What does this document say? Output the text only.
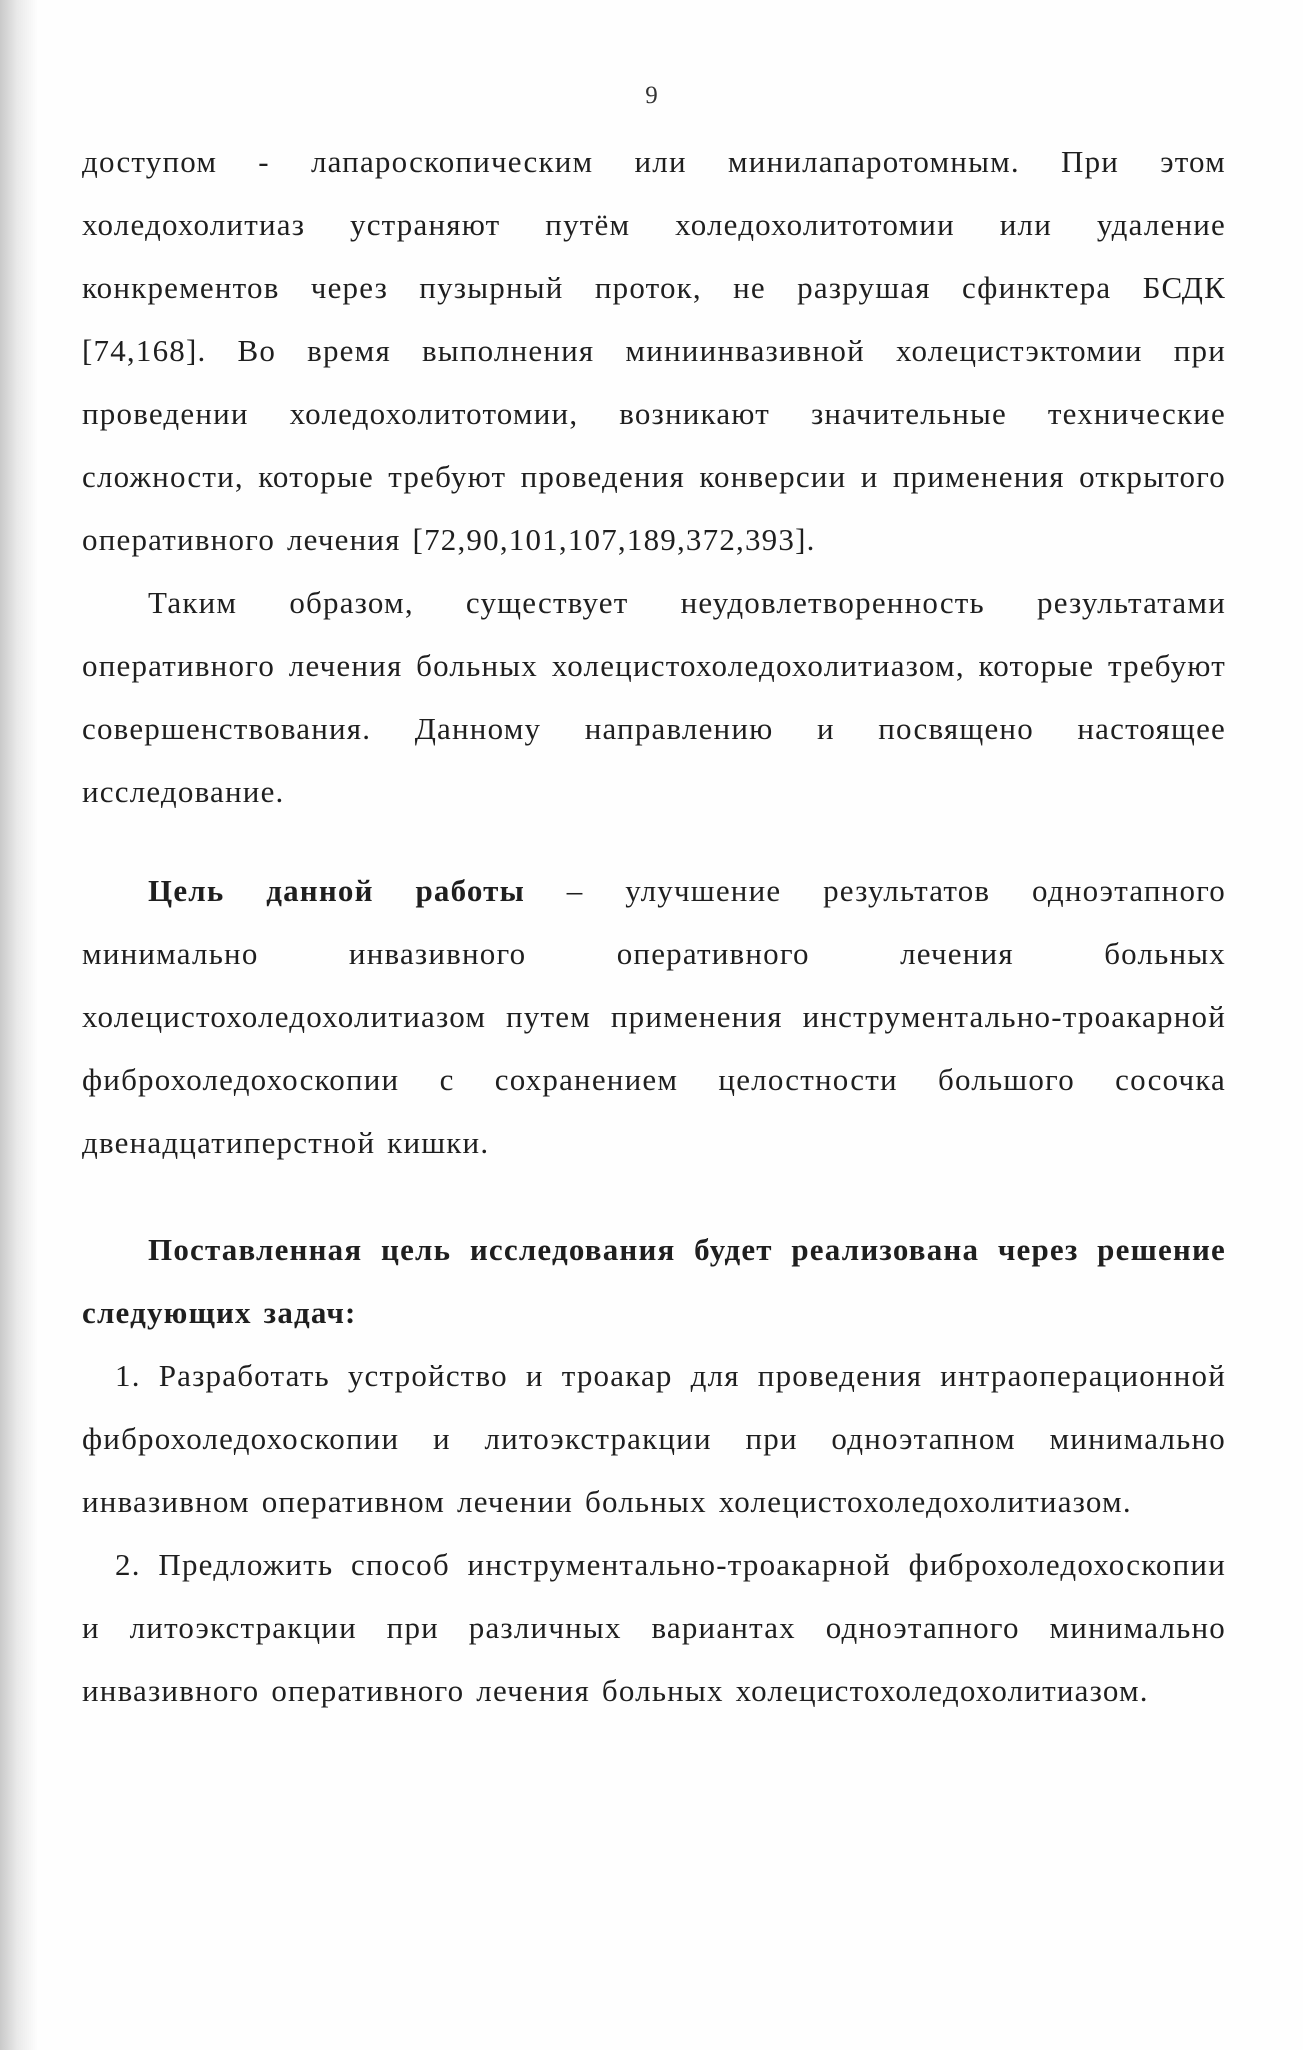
9

доступом - лапароскопическим или минилапаротомным. При этом холедохолитиаз устраняют путём холедохолитотомии или удаление конкрементов через пузырный проток, не разрушая сфинктера БСДК [74,168]. Во время выполнения миниинвазивной холецистэктомии при проведении холедохолитотомии, возникают значительные технические сложности, которые требуют проведения конверсии и применения открытого оперативного лечения [72,90,101,107,189,372,393].

Таким образом, существует неудовлетворенность результатами оперативного лечения больных холецистохоледохолитиазом, которые требуют совершенствования. Данному направлению и посвящено настоящее исследование.

Цель данной работы – улучшение результатов одноэтапного минимально инвазивного оперативного лечения больных холецистохоледохолитиазом путем применения инструментально-троакарной фиброхоледохоскопии с сохранением целостности большого сосочка двенадцатиперстной кишки.

Поставленная цель исследования будет реализована через решение следующих задач:

1. Разработать устройство и троакар для проведения интраоперационной фиброхоледохоскопии и литоэкстракции при одноэтапном минимально инвазивном оперативном лечении больных холецистохоледохолитиазом.

2. Предложить способ инструментально-троакарной фиброхоледохоскопии и литоэкстракции при различных вариантах одноэтапного минимально инвазивного оперативного лечения больных холецистохоледохолитиазом.
